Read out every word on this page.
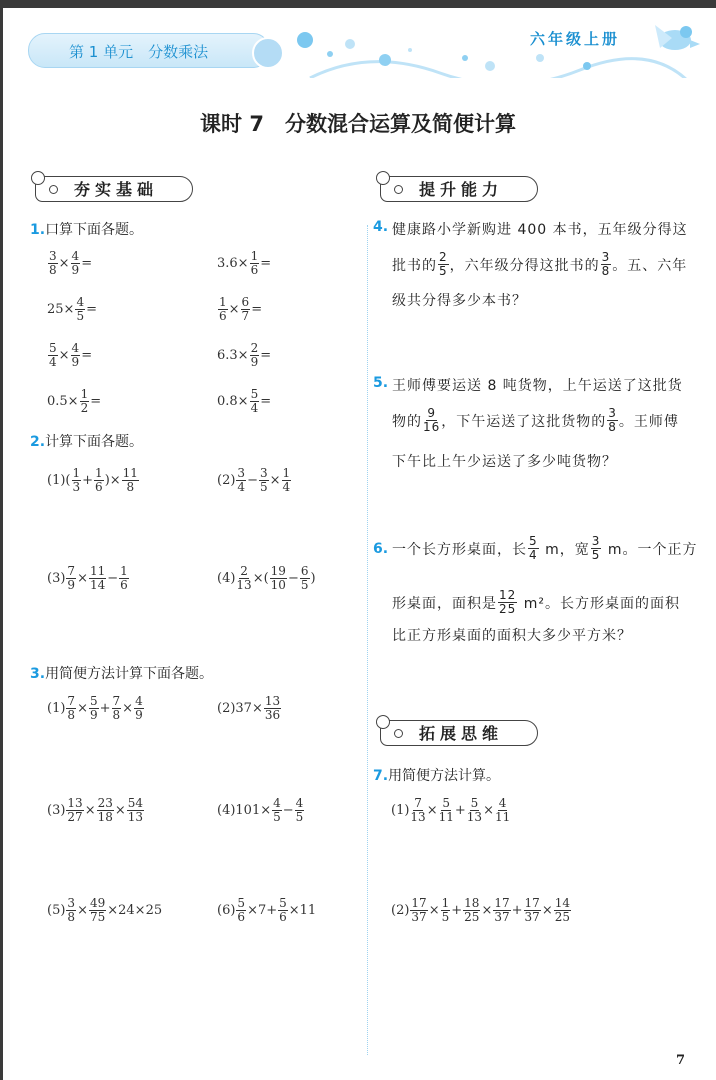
第 1 单元　分数乘法
六年级上册
课时 7　分数混合运算及简便计算
夯实基础	提升能力
拓展思维
1.口算下面各题。
2.计算下面各题。
3.用简便方法计算下面各题。
7.用简便方法计算。
4.
5.
6.
7
$\frac{3}{8} \times \frac{4}{9}$ =	$3.6\times \frac{1}{6}$ =
$25\times \frac{4}{5}$ =	$\frac{1}{6} \times \frac{6}{7}$ =
$\frac{5}{4} \times \frac{4}{9}$ =	$6.3\times \frac{2}{9}$ =
$0.5\times \frac{1}{2}$ =	$0.8\times \frac{5}{4}$ =
$(1)( \frac{1}{3} + \frac{1}{6}$ )× $\frac{11}{8}$	$(2) \frac{3}{4} - \frac{3}{5} \times \frac{1}{4}$
$(3) \frac{7}{9} \times \frac{11}{14} - \frac{1}{6}$	$(4) \frac{2}{13}$ ×( $\frac{19}{10} - \frac{6}{5}$ )
$(1) \frac{7}{8} \times \frac{5}{9} + \frac{7}{8} \times \frac{4}{9}$	$(2)37\times \frac{13}{36}$
$(3) \frac{13}{27} \times \frac{23}{18} \times \frac{54}{13}$	$(4)101\times \frac{4}{5} - \frac{4}{5}$
$(5) \frac{3}{8} \times \frac{49}{75} \times 24\times 25$	$(6) \frac{5}{6} \times 7+ \frac{5}{6} \times 11$
$(1) \frac{7}{13} \times \frac{5}{11} + \frac{5}{13} \times \frac{4}{11}$
$(2) \frac{17}{37} \times \frac{1}{5} + \frac{18}{25} \times \frac{17}{37} + \frac{17}{37} \times \frac{14}{25}$
健康路小学新购进 400 本书，五年级分得这
批书的 $\frac{2}{5}$ ，六年级分得这批书的 $\frac{3}{8}$ 。五、六年
级共分得多少本书？
王师傅要运送 8 吨货物，上午运送了这批货
物的 $\frac{9}{16}$ ，下午运送了这批货物的 $\frac{3}{8}$ 。王师傅
下午比上午少运送了多少吨货物？
一个长方形桌面，长 $\frac{5}{4}$ m，宽 $\frac{3}{5}$ m。一个正方
形桌面，面积是 $\frac{12}{25} m^2$。长方形桌面的面积
比正方形桌面的面积大多少平方米？
